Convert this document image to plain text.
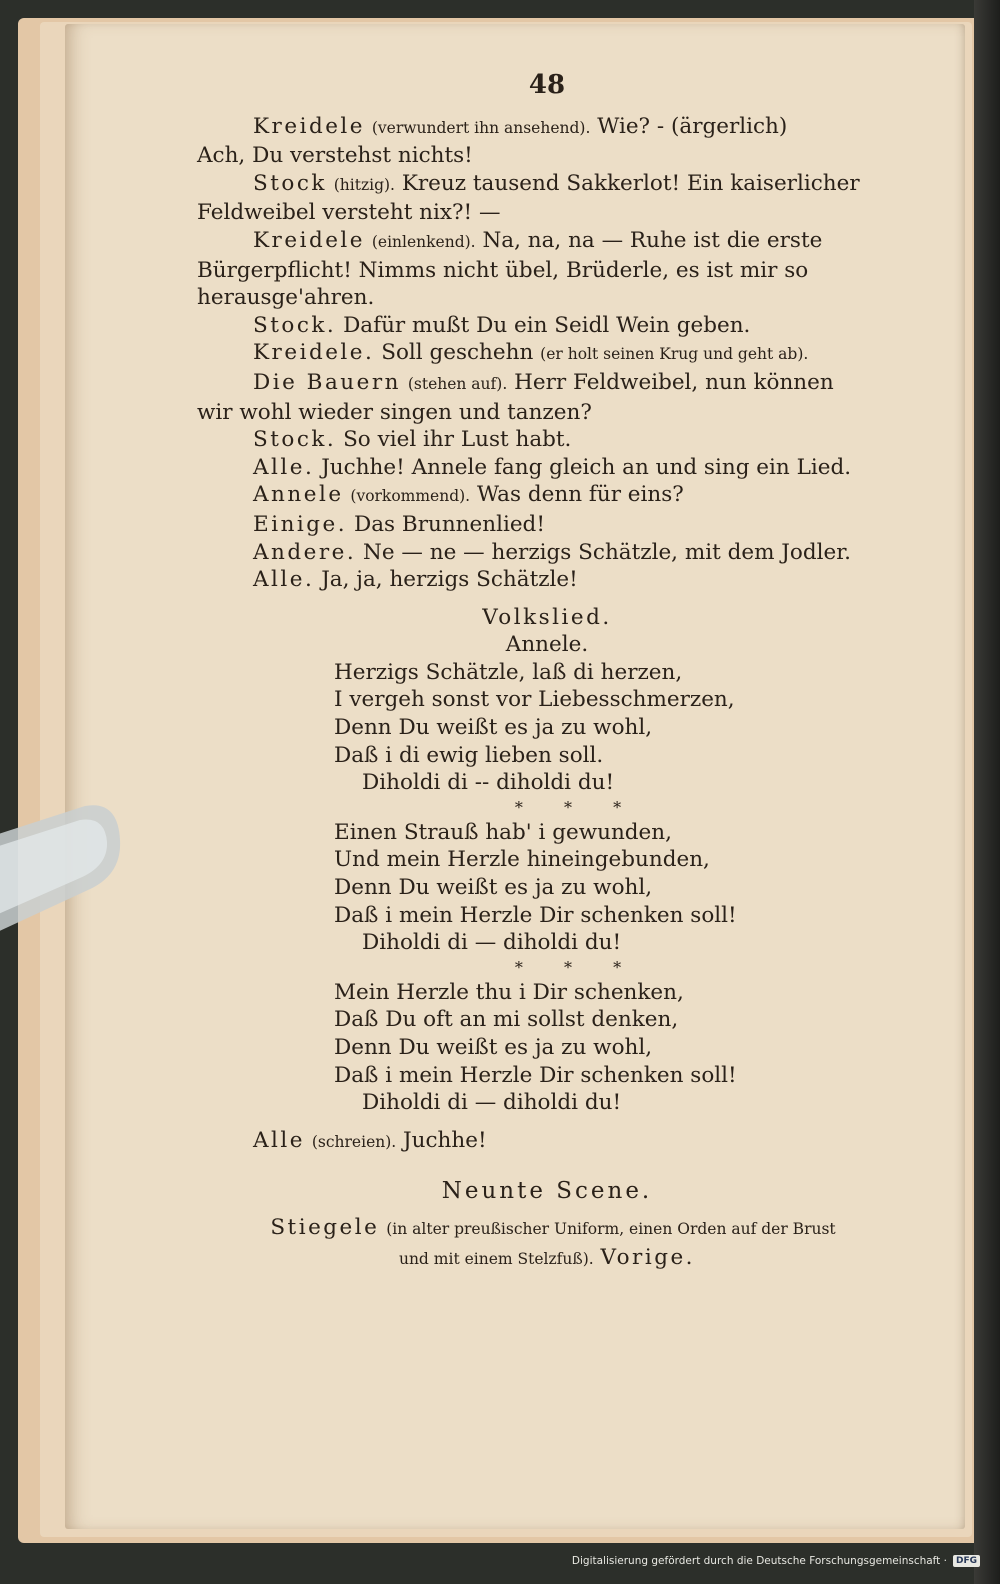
48

Kreidele (verwundert ihn ansehend). Wie? - (ärgerlich)

Ach, Du verstehst nichts!

Stock (hitzig). Kreuz tausend Sakkerlot! Ein kaiserlicher

Feldweibel versteht nix?! —

Kreidele (einlenkend). Na, na, na — Ruhe ist die erste

Bürgerpflicht! Nimms nicht übel, Brüderle, es ist mir so

herausge'ahren.

Stock. Dafür mußt Du ein Seidl Wein geben.

Kreidele. Soll geschehn (er holt seinen Krug und geht ab).

Die Bauern (stehen auf). Herr Feldweibel, nun können

wir wohl wieder singen und tanzen?

Stock. So viel ihr Lust habt.

Alle. Juchhe! Annele fang gleich an und sing ein Lied.

Annele (vorkommend). Was denn für eins?

Einige. Das Brunnenlied!

Andere. Ne — ne — herzigs Schätzle, mit dem Jodler.

Alle. Ja, ja, herzigs Schätzle!

Volkslied.

Annele.

Herzigs Schätzle, laß di herzen,

I vergeh sonst vor Liebesschmerzen,

Denn Du weißt es ja zu wohl,

Daß i di ewig lieben soll.

Diholdi di -- diholdi du!

* * *

Einen Strauß hab' i gewunden,

Und mein Herzle hineingebunden,

Denn Du weißt es ja zu wohl,

Daß i mein Herzle Dir schenken soll!

Diholdi di — diholdi du!

* * *

Mein Herzle thu i Dir schenken,

Daß Du oft an mi sollst denken,

Denn Du weißt es ja zu wohl,

Daß i mein Herzle Dir schenken soll!

Diholdi di — diholdi du!

Alle (schreien). Juchhe!

Neunte Scene.

Stiegele (in alter preußischer Uniform, einen Orden auf der Brust

und mit einem Stelzfuß). Vorige.

Digitalisierung gefördert durch die Deutsche Forschungsgemeinschaft ·	DFG
